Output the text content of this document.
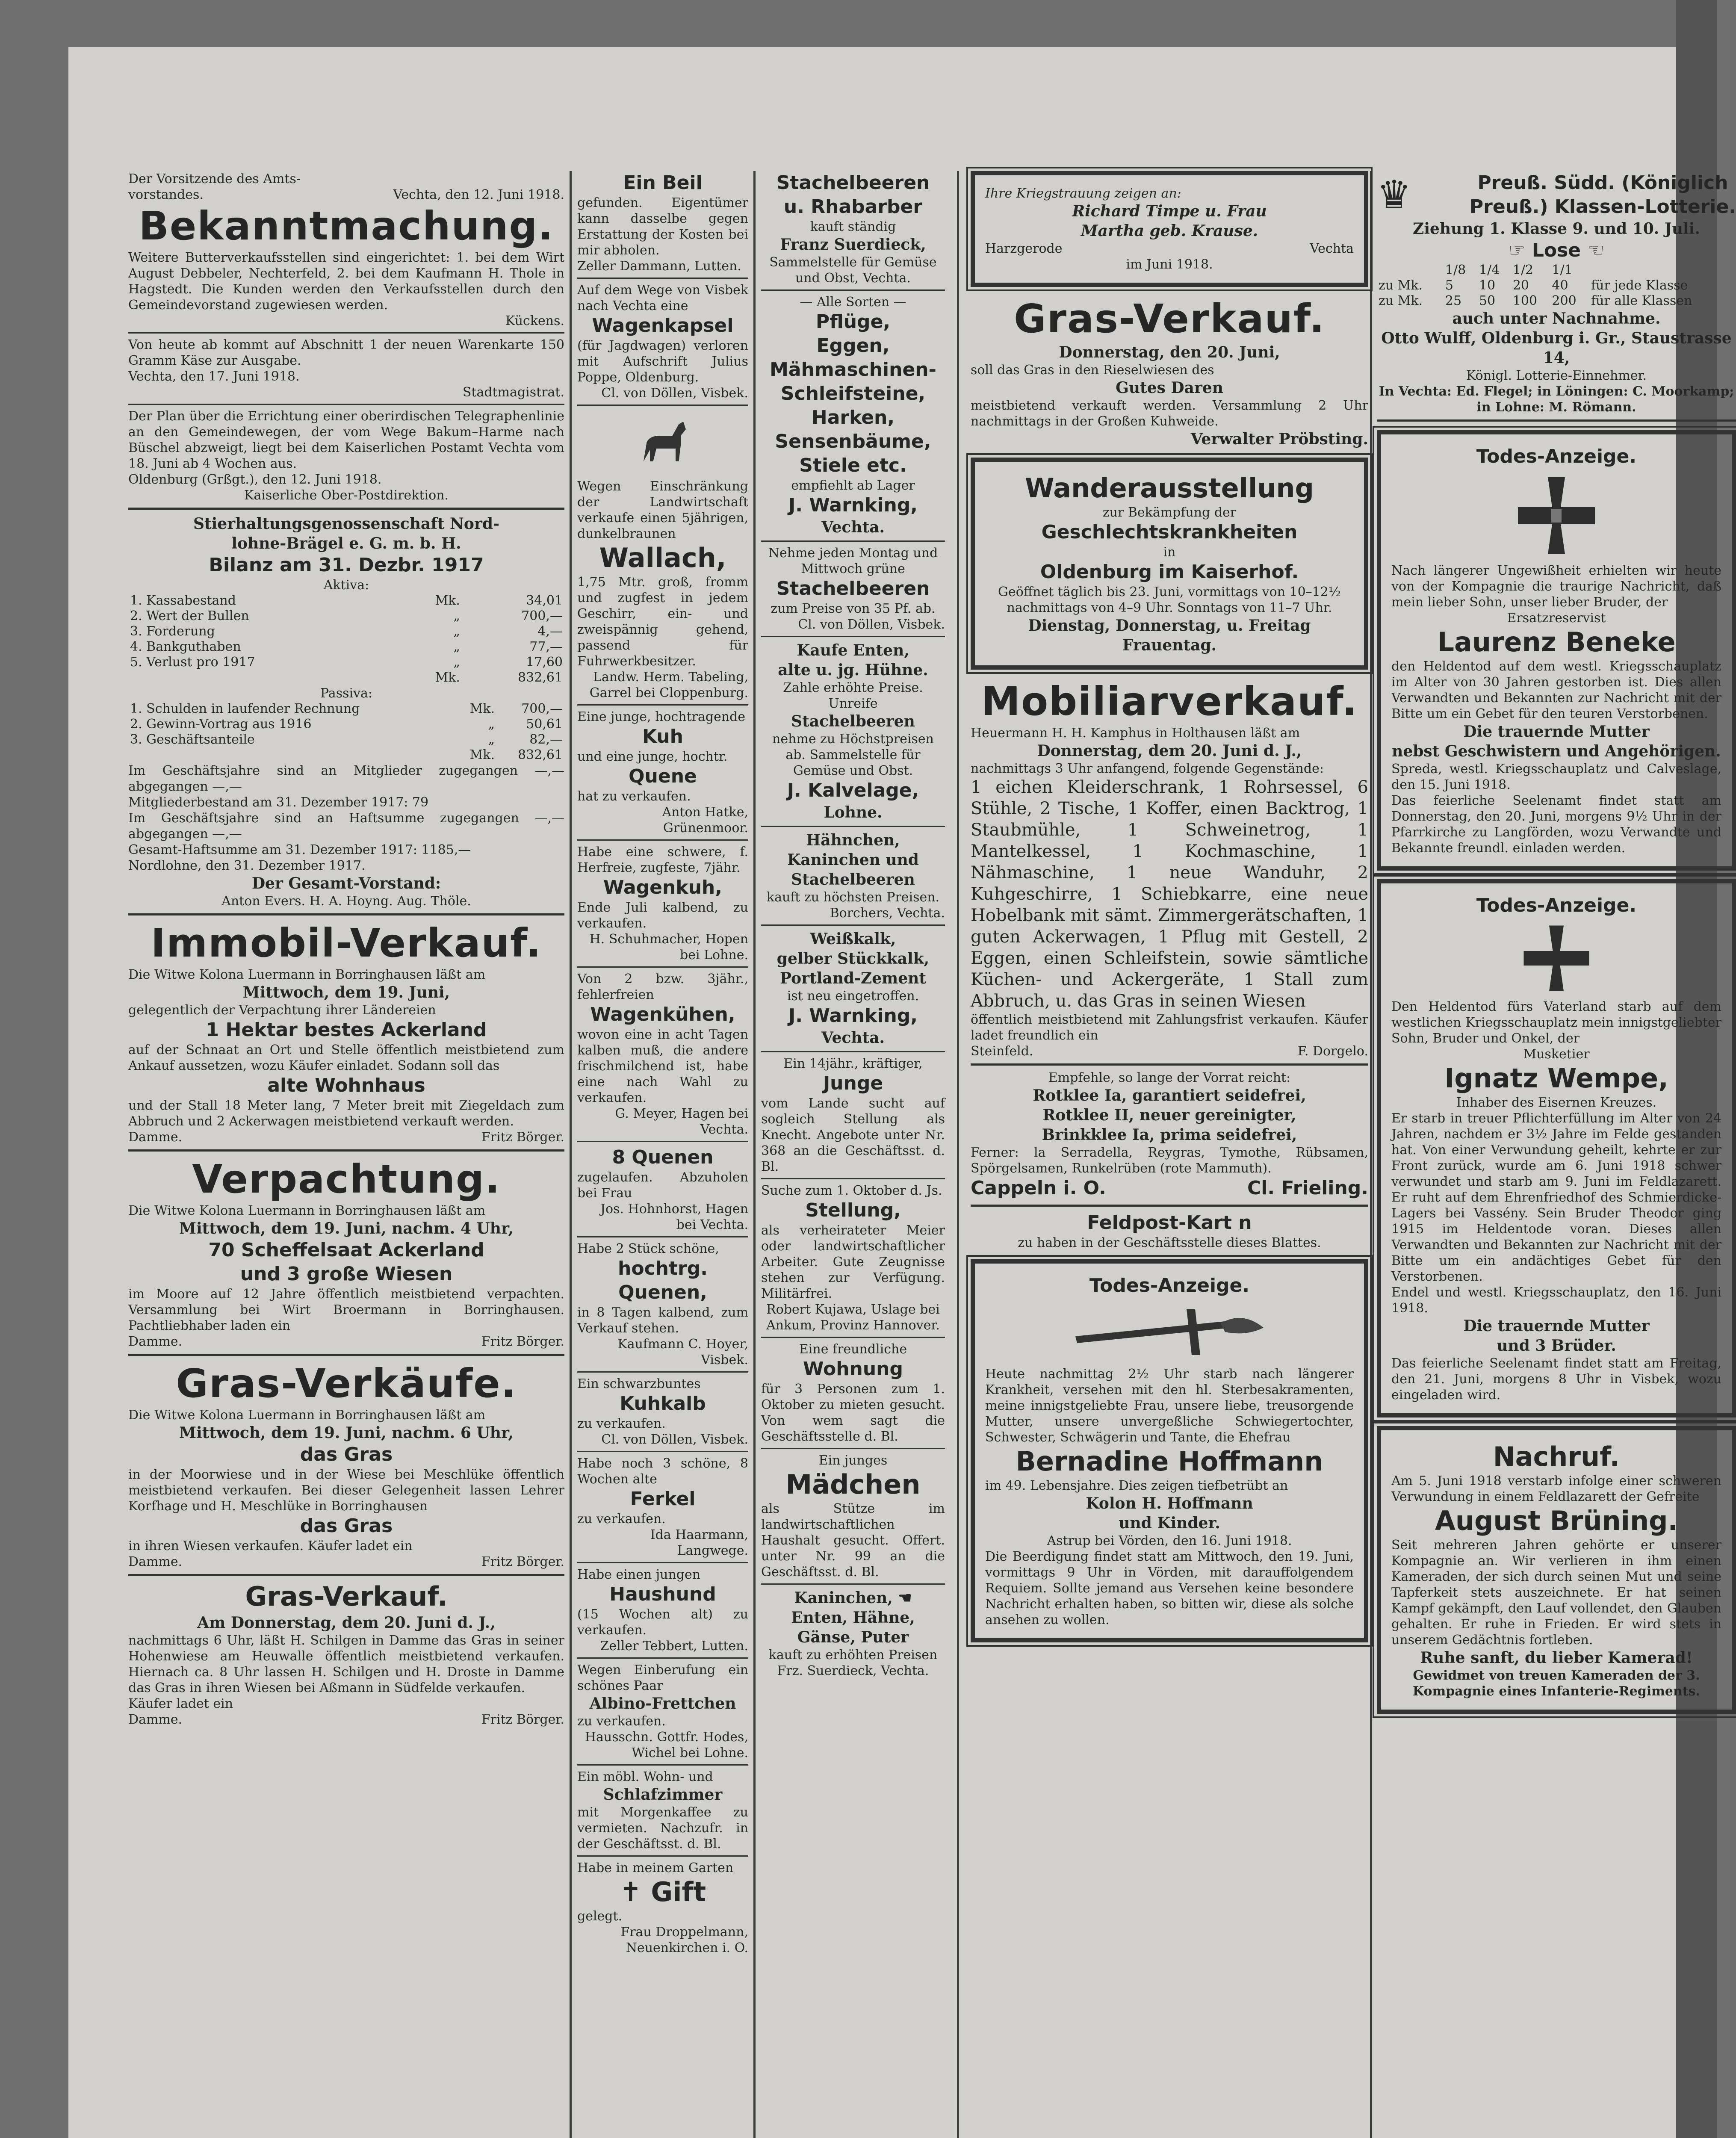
Der Vorsitzende des Amts-

vorstandes.	Vechta, den 12. Juni 1918.
Bekanntmachung.

Weitere Butterverkaufsstellen sind eingerichtet: 1. bei dem Wirt August Debbeler, Nechterfeld, 2. bei dem Kaufmann H. Thole in Hagstedt. Die Kunden werden den Verkaufsstellen durch den Gemeindevorstand zugewiesen werden.

Kückens.

Von heute ab kommt auf Abschnitt 1 der neuen Warenkarte 150 Gramm Käse zur Ausgabe.

Vechta, den 17. Juni 1918.

Stadtmagistrat.

Der Plan über die Errichtung einer oberirdischen Telegraphenlinie an den Gemeindewegen, der vom Wege Bakum–Harme nach Büschel abzweigt, liegt bei dem Kaiserlichen Postamt Vechta vom 18. Juni ab 4 Wochen aus.

Oldenburg (Grßgt.), den 12. Juni 1918.

Kaiserliche Ober-Postdirektion.

Stierhaltungsgenossenschaft Nord-
lohne-Brägel e. G. m. b. H.
Bilanz am 31. Dezbr. 1917

Aktiva:

1. Kassabestand	Mk.	34,01
2. Wert der Bullen	„	700,—
3. Forderung	„	4,—
4. Bankguthaben	„	77,—
5. Verlust pro 1917	„	17,60
	Mk.	832,61

Passiva:

1. Schulden in laufender Rechnung	Mk.	700,—
2. Gewinn-Vortrag aus 1916	„	50,61
3. Geschäftsanteile	„	82,—
	Mk.	832,61

Im Geschäftsjahre sind an Mitglieder zugegangen —,— abgegangen —,—

Mitgliederbestand am 31. Dezember 1917: 79

Im Geschäftsjahre sind an Haftsumme zugegangen —,— abgegangen —,—

Gesamt-Haftsumme am 31. Dezember 1917: 1185,—

Nordlohne, den 31. Dezember 1917.

Der Gesamt-Vorstand:

Anton Evers. H. A. Hoyng. Aug. Thöle.

Immobil-Verkauf.

Die Witwe Kolona Luermann in Borringhausen läßt am

Mittwoch, dem 19. Juni,

gelegentlich der Verpachtung ihrer Ländereien

1 Hektar bestes Ackerland

auf der Schnaat an Ort und Stelle öffentlich meistbietend zum Ankauf aussetzen, wozu Käufer einladet. Sodann soll das

alte Wohnhaus

und der Stall 18 Meter lang, 7 Meter breit mit Ziegeldach zum Abbruch und 2 Ackerwagen meistbietend verkauft werden.

Damme.	Fritz Börger.
Verpachtung.

Die Witwe Kolona Luermann in Borringhausen läßt am

Mittwoch, dem 19. Juni, nachm. 4 Uhr,
70 Scheffelsaat Ackerland
und 3 große Wiesen

im Moore auf 12 Jahre öffentlich meistbietend verpachten. Versammlung bei Wirt Broermann in Borringhausen. Pachtliebhaber laden ein

Damme.	Fritz Börger.
Gras-Verkäufe.

Die Witwe Kolona Luermann in Borringhausen läßt am

Mittwoch, dem 19. Juni, nachm. 6 Uhr,
das Gras

in der Moorwiese und in der Wiese bei Meschlüke öffentlich meistbietend verkaufen. Bei dieser Gelegenheit lassen Lehrer Korfhage und H. Meschlüke in Borringhausen

das Gras

in ihren Wiesen verkaufen. Käufer ladet ein

Damme.	Fritz Börger.
Gras-Verkauf.
Am Donnerstag, dem 20. Juni d. J.,

nachmittags 6 Uhr, läßt H. Schilgen in Damme das Gras in seiner Hohenwiese am Heuwalle öffentlich meistbietend verkaufen. Hiernach ca. 8 Uhr lassen H. Schilgen und H. Droste in Damme das Gras in ihren Wiesen bei Aßmann in Südfelde verkaufen.

Käufer ladet ein

Damme.	Fritz Börger.
Ein Beil

gefunden. Eigentümer kann dasselbe gegen Erstattung der Kosten bei mir abholen.

Zeller Dammann, Lutten.

Auf dem Wege von Visbek nach Vechta eine

Wagenkapsel

(für Jagdwagen) verloren mit Aufschrift Julius Poppe, Oldenburg.

Cl. von Döllen, Visbek.

Wegen Einschränkung der Landwirtschaft verkaufe einen 5jährigen, dunkelbraunen

Wallach,

1,75 Mtr. groß, fromm und zugfest in jedem Geschirr, ein- und zweispännig gehend, passend für Fuhrwerkbesitzer.

Landw. Herm. Tabeling, Garrel bei Cloppenburg.

Eine junge, hochtragende

Kuh

und eine junge, hochtr.

Quene

hat zu verkaufen.

Anton Hatke, Grünenmoor.

Habe eine schwere, f. Herfreie, zugfeste, 7jähr.

Wagenkuh,

Ende Juli kalbend, zu verkaufen.

H. Schuhmacher, Hopen bei Lohne.

Von 2 bzw. 3jähr., fehlerfreien

Wagenkühen,

wovon eine in acht Tagen kalben muß, die andere frischmilchend ist, habe eine nach Wahl zu verkaufen.

G. Meyer, Hagen bei Vechta.

8 Quenen

zugelaufen. Abzuholen bei Frau

Jos. Hohnhorst, Hagen bei Vechta.

Habe 2 Stück schöne,

hochtrg. Quenen,

in 8 Tagen kalbend, zum Verkauf stehen.

Kaufmann C. Hoyer, Visbek.

Ein schwarzbuntes

Kuhkalb

zu verkaufen.

Cl. von Döllen, Visbek.

Habe noch 3 schöne, 8 Wochen alte

Ferkel

zu verkaufen.

Ida Haarmann, Langwege.

Habe einen jungen

Haushund

(15 Wochen alt) zu verkaufen.

Zeller Tebbert, Lutten.

Wegen Einberufung ein schönes Paar

Albino-Frettchen

zu verkaufen.

Hausschn. Gottfr. Hodes, Wichel bei Lohne.

Ein möbl. Wohn- und

Schlafzimmer

mit Morgenkaffee zu vermieten. Nachzufr. in der Geschäftsst. d. Bl.

Habe in meinem Garten

✝ Gift

gelegt.

Frau Droppelmann, Neuenkirchen i. O.

Stachelbeeren
u. Rhabarber

kauft ständig

Franz Suerdieck,

Sammelstelle für Gemüse und Obst, Vechta.

— Alle Sorten —

Pflüge,
Eggen,
Mähmaschinen-
Schleifsteine,
Harken,
Sensenbäume,
Stiele etc.

empfiehlt ab Lager

J. Warnking,
Vechta.

Nehme jeden Montag und Mittwoch grüne

Stachelbeeren

zum Preise von 35 Pf. ab.

Cl. von Döllen, Visbek.

Kaufe Enten,
alte u. jg. Hühne.

Zahle erhöhte Preise. Unreife

Stachelbeeren

nehme zu Höchstpreisen ab. Sammelstelle für Gemüse und Obst.

J. Kalvelage,
Lohne.
Hähnchen,
Kaninchen und
Stachelbeeren

kauft zu höchsten Preisen.

Borchers, Vechta.

Weißkalk,
gelber Stückkalk,
Portland-Zement

ist neu eingetroffen.

J. Warnking,
Vechta.

Ein 14jähr., kräftiger,

Junge

vom Lande sucht auf sogleich Stellung als Knecht. Angebote unter Nr. 368 an die Geschäftsst. d. Bl.

Suche zum 1. Oktober d. Js.

Stellung,

als verheirateter Meier oder landwirtschaftlicher Arbeiter. Gute Zeugnisse stehen zur Verfügung. Militärfrei.

Robert Kujawa, Uslage bei Ankum, Provinz Hannover.

Eine freundliche

Wohnung

für 3 Personen zum 1. Oktober zu mieten gesucht. Von wem sagt die Geschäftsstelle d. Bl.

Ein junges

Mädchen

als Stütze im landwirtschaftlichen Haushalt gesucht. Offert. unter Nr. 99 an die Geschäftsst. d. Bl.

Kaninchen, ☚
Enten, Hähne,
Gänse, Puter

kauft zu erhöhten Preisen

Frz. Suerdieck, Vechta.

Ihre Kriegstrauung zeigen an:

Richard Timpe u. Frau
Martha geb. Krause.
Harzgerode	Vechta

im Juni 1918.

Gras-Verkauf.
Donnerstag, den 20. Juni,

soll das Gras in den Rieselwiesen des

Gutes Daren

meistbietend verkauft werden. Versammlung 2 Uhr nachmittags in der Großen Kuhweide.

Verwalter Pröbsting.
Wanderausstellung

zur Bekämpfung der

Geschlechtskrankheiten

in

Oldenburg im Kaiserhof.

Geöffnet täglich bis 23. Juni, vormittags von 10–12½ nachmittags von 4–9 Uhr. Sonntags von 11–7 Uhr.

Dienstag, Donnerstag, u. Freitag
Frauentag.
Mobiliarverkauf.

Heuermann H. H. Kamphus in Holthausen läßt am

Donnerstag, dem 20. Juni d. J.,

nachmittags 3 Uhr anfangend, folgende Gegenstände:

1 eichen Kleiderschrank, 1 Rohrsessel, 6 Stühle, 2 Tische, 1 Koffer, einen Backtrog, 1 Staubmühle, 1 Schweinetrog, 1 Mantelkessel, 1 Kochmaschine, 1 Nähmaschine, 1 neue Wanduhr, 2 Kuhgeschirre, 1 Schiebkarre, eine neue Hobelbank mit sämt. Zimmergerätschaften, 1 guten Ackerwagen, 1 Pflug mit Gestell, 2 Eggen, einen Schleifstein, sowie sämtliche Küchen- und Ackergeräte, 1 Stall zum Abbruch, u. das Gras in seinen Wiesen

öffentlich meistbietend mit Zahlungsfrist verkaufen. Käufer ladet freundlich ein

Steinfeld.	F. Dorgelo.

Empfehle, so lange der Vorrat reicht:

Rotklee Ia, garantiert seidefrei,
Rotklee II, neuer gereinigter,
Brinkklee Ia, prima seidefrei,

Ferner: la Serradella, Reygras, Tymothe, Rübsamen, Spörgelsamen, Runkelrüben (rote Mammuth).

Cappeln i. O.	Cl. Frieling.
Feldpost-Kart n

zu haben in der Geschäftsstelle dieses Blattes.

Todes-Anzeige.

Heute nachmittag 2½ Uhr starb nach längerer Krankheit, versehen mit den hl. Sterbesakramenten, meine innigstgeliebte Frau, unsere liebe, treusorgende Mutter, unsere unvergeßliche Schwiegertochter, Schwester, Schwägerin und Tante, die Ehefrau

Bernadine Hoffmann

im 49. Lebensjahre. Dies zeigen tiefbetrübt an

Kolon H. Hoffmann
und Kinder.

Astrup bei Vörden, den 16. Juni 1918.

Die Beerdigung findet statt am Mittwoch, den 19. Juni, vormittags 9 Uhr in Vörden, mit darauffolgendem Requiem. Sollte jemand aus Versehen keine besondere Nachricht erhalten haben, so bitten wir, diese als solche ansehen zu wollen.

♛	Preuß. Südd. (Königlich
Preuß.) Klassen-Lotterie.
Ziehung 1. Klasse 9. und 10. Juli.
☞ Lose ☜
	1/8	1/4	1/2	1/1	
zu Mk.	5	10	20	40	für jede Klasse
zu Mk.	25	50	100	200	für alle Klassen
auch unter Nachnahme.
Otto Wulff, Oldenburg i. Gr., Staustrasse 14,

Königl. Lotterie-Einnehmer.

In Vechta: Ed. Flegel; in Löningen: C. Moorkamp; in Lohne: M. Römann.

Todes-Anzeige.

Nach längerer Ungewißheit erhielten wir heute von der Kompagnie die traurige Nachricht, daß mein lieber Sohn, unser lieber Bruder, der

Ersatzreservist

Laurenz Beneke

den Heldentod auf dem westl. Kriegsschauplatz im Alter von 30 Jahren gestorben ist. Dies allen Verwandten und Bekannten zur Nachricht mit der Bitte um ein Gebet für den teuren Verstorbenen.

Die trauernde Mutter
nebst Geschwistern und Angehörigen.

Spreda, westl. Kriegsschauplatz und Calveslage, den 15. Juni 1918.

Das feierliche Seelenamt findet statt am Donnerstag, den 20. Juni, morgens 9½ Uhr in der Pfarrkirche zu Langförden, wozu Verwandte und Bekannte freundl. einladen werden.

Todes-Anzeige.

Den Heldentod fürs Vaterland starb auf dem westlichen Kriegsschauplatz mein innigstgeliebter Sohn, Bruder und Onkel, der

Musketier

Ignatz Wempe,

Inhaber des Eisernen Kreuzes.

Er starb in treuer Pflichterfüllung im Alter von 24 Jahren, nachdem er 3½ Jahre im Felde gestanden hat. Von einer Verwundung geheilt, kehrte er zur Front zurück, wurde am 6. Juni 1918 schwer verwundet und starb am 9. Juni im Feldlazarett. Er ruht auf dem Ehrenfriedhof des Schmierdicke-Lagers bei Vassény. Sein Bruder Theodor ging 1915 im Heldentode voran. Dieses allen Verwandten und Bekannten zur Nachricht mit der Bitte um ein andächtiges Gebet für den Verstorbenen.

Endel und westl. Kriegsschauplatz, den 16. Juni 1918.

Die trauernde Mutter
und 3 Brüder.

Das feierliche Seelenamt findet statt am Freitag, den 21. Juni, morgens 8 Uhr in Visbek, wozu eingeladen wird.

Nachruf.

Am 5. Juni 1918 verstarb infolge einer schweren Verwundung in einem Feldlazarett der Gefreite

August Brüning.

Seit mehreren Jahren gehörte er unserer Kompagnie an. Wir verlieren in ihm einen Kameraden, der sich durch seinen Mut und seine Tapferkeit stets auszeichnete. Er hat seinen Kampf gekämpft, den Lauf vollendet, den Glauben gehalten. Er ruhe in Frieden. Er wird stets in unserem Gedächtnis fortleben.

Ruhe sanft, du lieber Kamerad!

Gewidmet von treuen Kameraden der 3.

Kompagnie eines Infanterie-Regiments.
